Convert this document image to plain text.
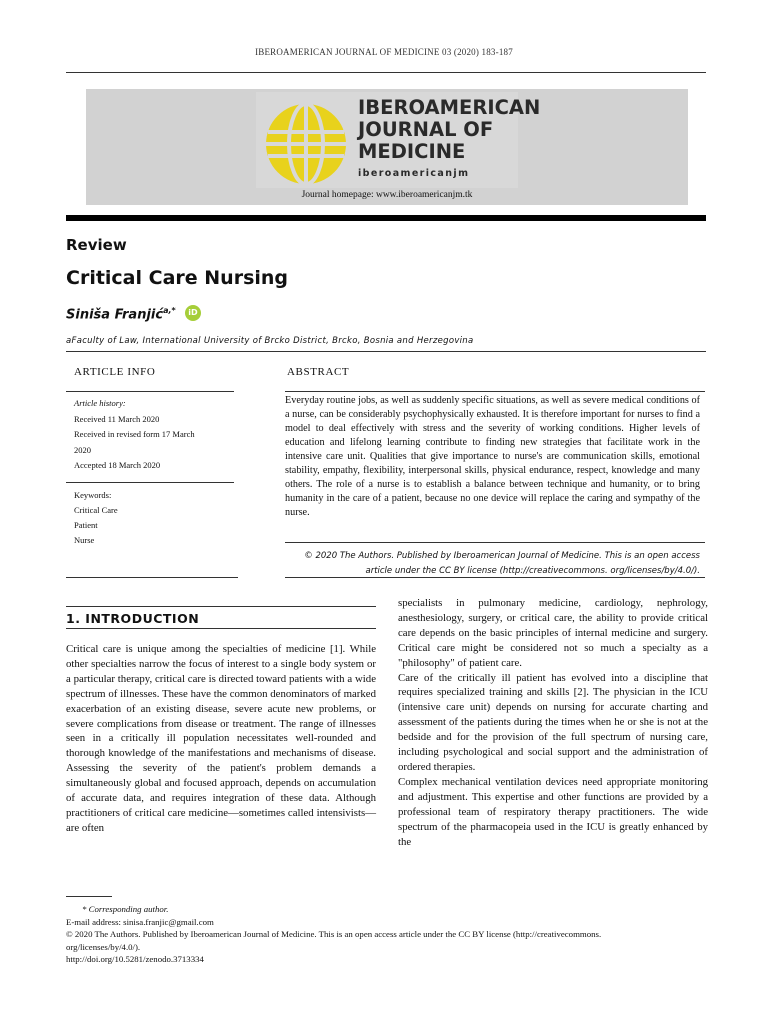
IBEROAMERICAN JOURNAL OF MEDICINE 03 (2020) 183-187
IBEROAMERICAN
JOURNAL OF
MEDICINE
iberoamericanjm
Journal homepage: www.iberoamericanjm.tk
Review
Critical Care Nursing
Siniša Franjić$^{a,*}$	iD
aFaculty of Law, International University of Brcko District, Brcko, Bosnia and Herzegovina
ARTICLE INFO
Article history:
Received 11 March 2020
Received in revised form 17 March
2020
Accepted 18 March 2020
Keywords:
Critical Care
Patient
Nurse
ABSTRACT
Everyday routine jobs, as well as suddenly specific situations, as well as severe medical conditions of a nurse, can be considerably psychophysically exhausted. It is therefore important for nurses to find a model to deal effectively with stress and the severity of working conditions. Higher levels of education and lifelong learning contribute to finding new strategies that facilitate work in the intensive care unit. Qualities that give importance to nurse's are communication skills, emotional stability, empathy, flexibility, interpersonal skills, physical endurance, respect, knowledge and many others. The role of a nurse is to establish a balance between technique and humanity, or to bring humanity in the care of a patient, because no one device will replace the caring and sympathy of the nurse.
© 2020 The Authors. Published by Iberoamerican Journal of Medicine. This is an open access
article under the CC BY license (http://creativecommons. org/licenses/by/4.0/).
1. INTRODUCTION

Critical care is unique among the specialties of medicine [1]. While other specialties narrow the focus of interest to a single body system or a particular therapy, critical care is directed toward patients with a wide spectrum of illnesses. These have the common denominators of marked exacerbation of an existing disease, severe acute new problems, or severe complications from disease or treatment. The range of illnesses seen in a critically ill population necessitates well-rounded and thorough knowledge of the manifestations and mechanisms of disease. Assessing the severity of the patient's problem demands a simultaneously global and focused approach, depends on accumulation of accurate data, and requires integration of these data. Although practitioners of critical care medicine—sometimes called intensivists—are often

specialists in pulmonary medicine, cardiology, nephrology, anesthesiology, surgery, or critical care, the ability to provide critical care depends on the basic principles of internal medicine and surgery. Critical care might be considered not so much a specialty as a "philosophy" of patient care.

Care of the critically ill patient has evolved into a discipline that requires specialized training and skills [2]. The physician in the ICU (intensive care unit) depends on nursing for accurate charting and assessment of the patients during the times when he or she is not at the bedside and for the provision of the full spectrum of nursing care, including psychological and social support and the administration of ordered therapies.

Complex mechanical ventilation devices need appropriate monitoring and adjustment. This expertise and other functions are provided by a professional team of respiratory therapy practitioners. The wide spectrum of the pharmacopeia used in the ICU is greatly enhanced by the

* Corresponding author.
E-mail address: sinisa.franjic@gmail.com
© 2020 The Authors. Published by Iberoamerican Journal of Medicine. This is an open access article under the CC BY license (http://creativecommons.
org/licenses/by/4.0/).
http://doi.org/10.5281/zenodo.3713334
